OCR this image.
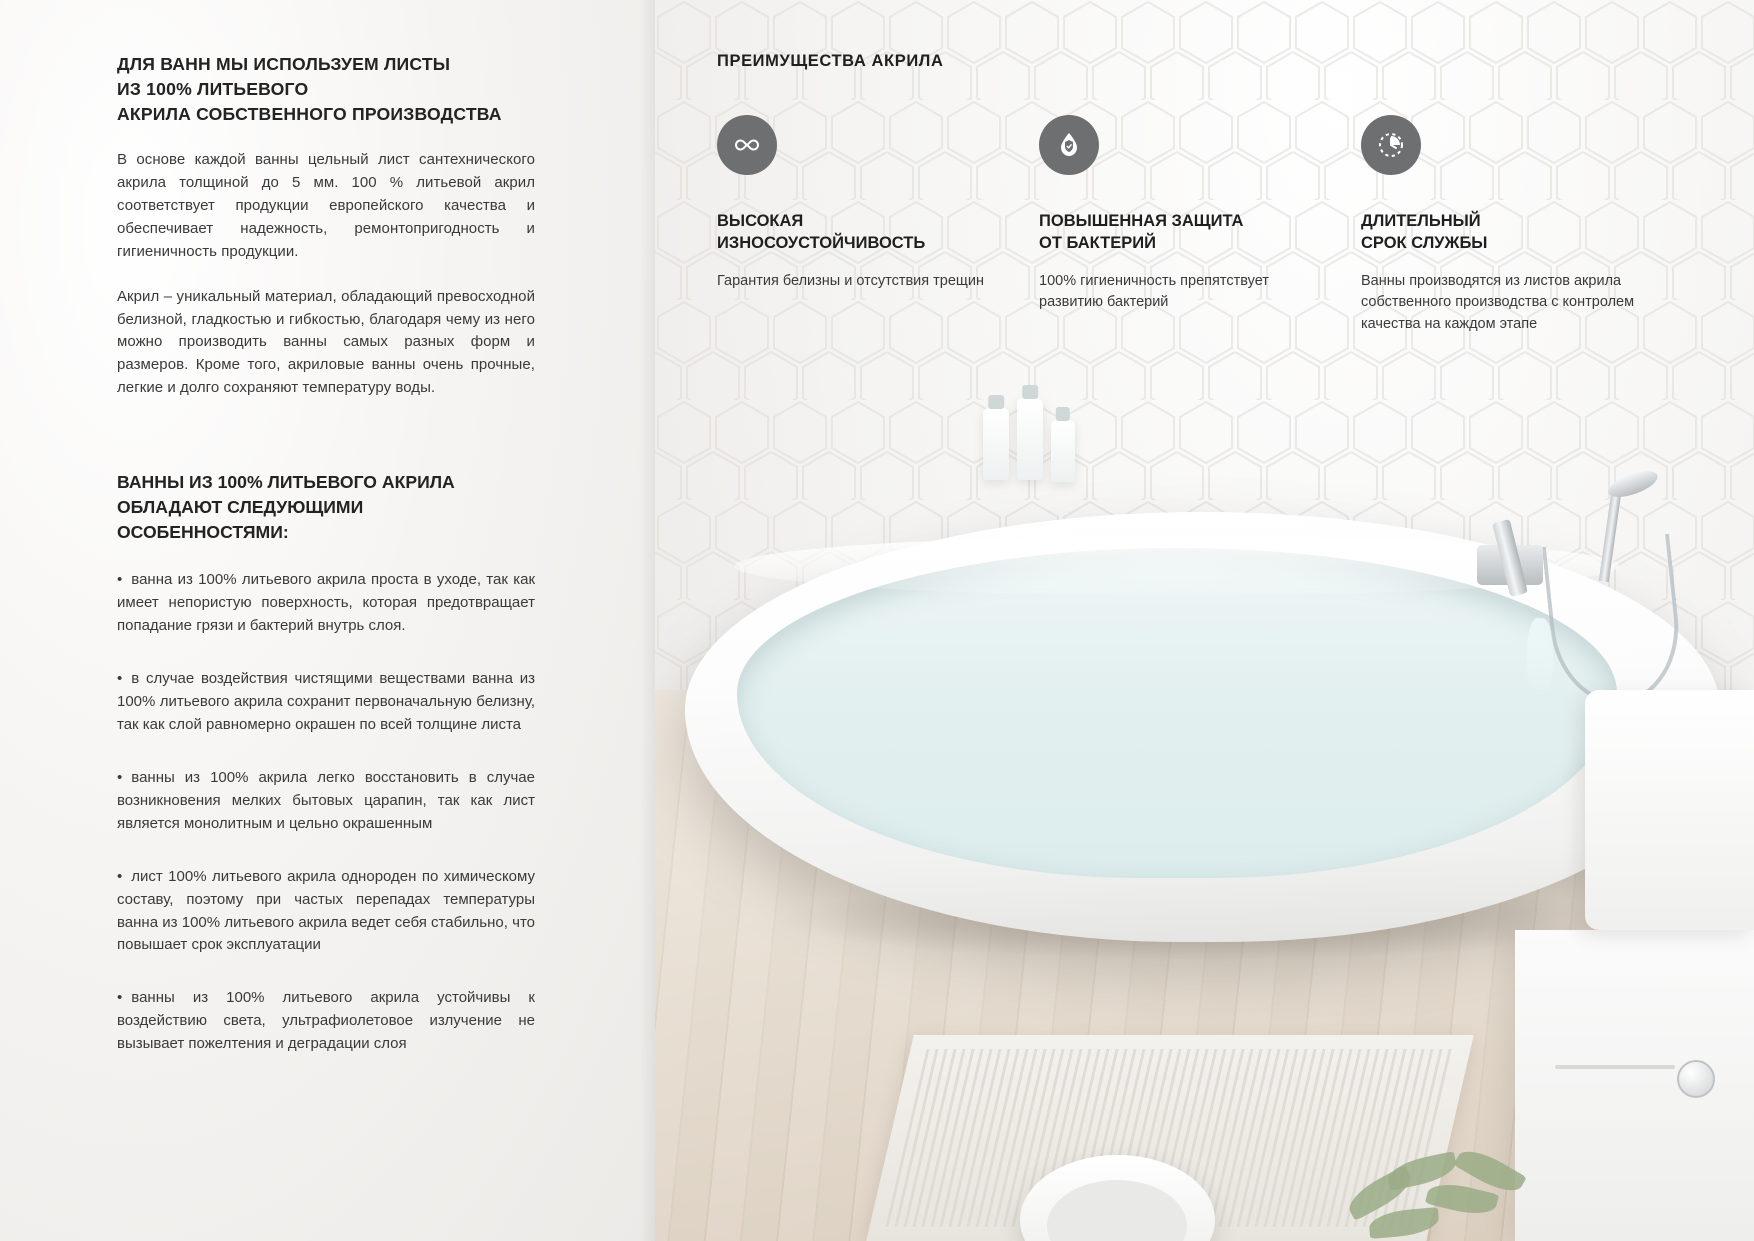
ДЛЯ ВАНН МЫ ИСПОЛЬЗУЕМ ЛИСТЫ
ИЗ 100% ЛИТЬЕВОГО
АКРИЛА СОБСТВЕННОГО ПРОИЗВОДСТВА

В основе каждой ванны цельный лист сантехнического акрила толщиной до 5 мм. 100 % литьевой акрил соответствует продукции европейского качества и обеспечивает надежность, ремонтопригодность и гигиеничность продукции.

Акрил – уникальный материал, обладающий превосходной белизной, гладкостью и гибкостью, благодаря чему из него можно производить ванны самых разных форм и размеров. Кроме того, акриловые ванны очень прочные, легкие и долго сохраняют температуру воды.

ВАННЫ ИЗ 100% ЛИТЬЕВОГО АКРИЛА
ОБЛАДАЮТ СЛЕДУЮЩИМИ
ОСОБЕННОСТЯМИ:

• ванна из 100% литьевого акрила проста в уходе, так как имеет непористую поверхность, которая предотвращает попадание грязи и бактерий внутрь слоя.

• в случае воздействия чистящими веществами ванна из 100% литьевого акрила сохранит первоначальную белизну, так как слой равномерно окрашен по всей толщине листа

• ванны из 100% акрила легко восстановить в случае возникновения мелких бытовых царапин, так как лист является монолитным и цельно окрашенным

• лист 100% литьевого акрила однороден по химическому составу, поэтому при частых перепадах температуры ванна из 100% литьевого акрила ведет себя стабильно, что повышает срок эксплуатации

• ванны из 100% литьевого акрила устойчивы к воздействию света, ультрафиолетовое излучение не вызывает пожелтения и деградации слоя

ПРЕИМУЩЕСТВА АКРИЛА
ВЫСОКАЯ
ИЗНОСОУСТОЙЧИВОСТЬ

Гарантия белизны и отсутствия трещин

ПОВЫШЕННАЯ ЗАЩИТА
ОТ БАКТЕРИЙ

100% гигиеничность препятствует развитию бактерий

ДЛИТЕЛЬНЫЙ
СРОК СЛУЖБЫ

Ванны производятся из листов акрила собственного производства с контролем качества на каждом этапе
